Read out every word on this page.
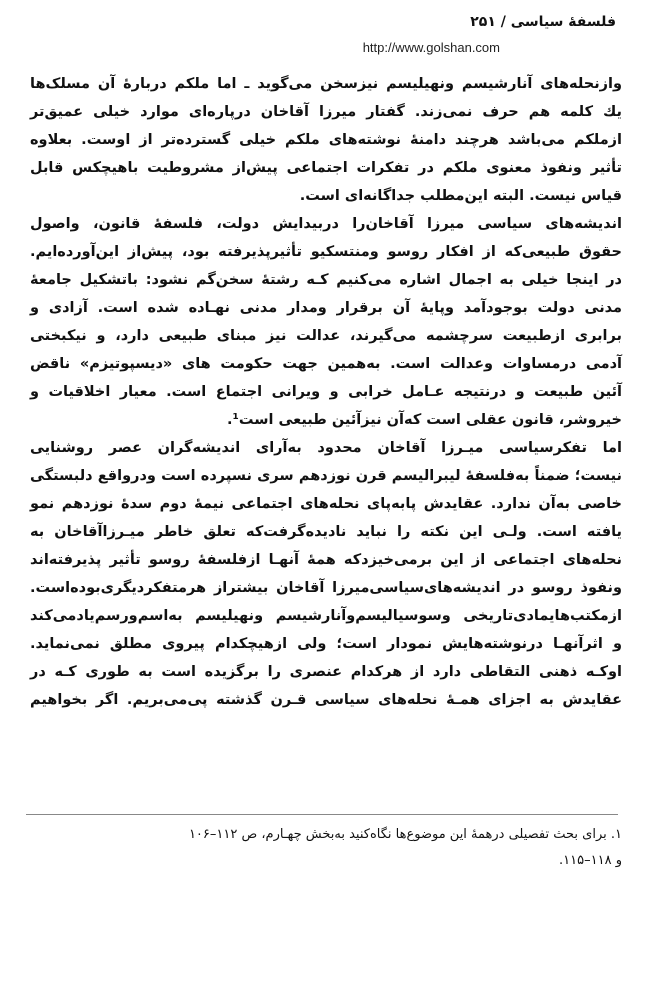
فلسفهٔ سیاسی / ۲۵۱
http://www.golshan.com

وازنحله‌های آنارشیسم ونهیلیسم نیزسخن می‌گوید ـ اما ملکم دربارهٔ آن مسلک‌ها

یك کلمه هم حرف نمی‌زند. گفتار میرزا آقاخان درپاره‌ای موارد خیلی عمیق‌تر

ازملکم می‌باشد هرچند دامنهٔ نوشته‌های ملکم خیلی گسترده‌تر از اوست. بعلاوه

تأثیر ونفوذ معنوی ملکم در تفکرات اجتماعی پیش‌از مشروطیت باهیچکس قابل

قیاس نیست. البته این‌مطلب جداگانه‌ای است.

اندیشه‌های سیاسی میرزا آقاخان‌را دربیدایش دولت، فلسفهٔ قانون، واصول

حقوق طبیعی‌که از افکار روسو ومنتسکیو تأثیرپذیرفته بود، پیش‌از این‌آورده‌ایم.

در اینجا خیلی به اجمال اشاره می‌کنیم کـه رشتهٔ سخن‌گم نشود: باتشکیل جامعهٔ

مدنی دولت بوجودآمد وپایهٔ آن برقرار ومدار مدنی نهـاده شده است. آزادی و

برابری ازطبیعت سرچشمه می‌گیرند، عدالت نیز مبنای طبیعی دارد، و نیکبختی

آدمی درمساوات وعدالت است. به‌همین جهت حکومت های «دیسپوتیزم» ناقض

آئین طبیعت و درنتیجه عـامل خرابی و ویرانی اجتماع است. معیار اخلاقیات و

خیروشر، قانون عقلی است که‌آن نیزآئین طبیعی است¹.

اما تفکرسیاسی میـرزا آقاخان محدود به‌آرای اندیشه‌گران عصر روشنایی

نیست؛ ضمناً به‌فلسفهٔ لیبرالیسم قرن نوزدهم سری نسپرده است ودرواقع دلبستگی

خاصی به‌آن ندارد. عقایدش پابه‌پای نحله‌های اجتماعی نیمهٔ دوم سدهٔ نوزدهم نمو

یافته است. ولـی این نکته را نباید نادیده‌گرفت‌که تعلق خاطر میـرزاآقاخان به

نحله‌های اجتماعی از این برمی‌خیزد‌که همهٔ آنهـا ازفلسفهٔ روسو تأثیر پذیرفته‌اند

ونفوذ روسو در اندیشه‌های‌سیاسی‌میرزا آقاخان بیشتراز هرمتفکردیگری‌بوده‌است.

ازمکتب‌هایمادی‌تاریخی وسوسیالیسم‌وآنارشیسم ونهیلیسم به‌اسم‌ورسم‌یادمی‌کند

و اثرآنهـا درنوشته‌هایش نمودار است؛ ولی ازهیچکدام پیروی مطلق نمی‌نماید.

اوکـه ذهنی التقاطی دارد از هرکدام عنصری را برگزیده است به طوری کـه در

عقایدش به اجزای همـهٔ نحله‌های سیاسی قـرن گذشته پی‌می‌بریم. اگر بخواهیم

۱. برای بحث تفصیلی درهمهٔ این موضوع‌ها نگاه‌کنید به‌بخش چهـارم، ص ۱۱۲–۱۰۶

و ۱۱۸–۱۱۵.
